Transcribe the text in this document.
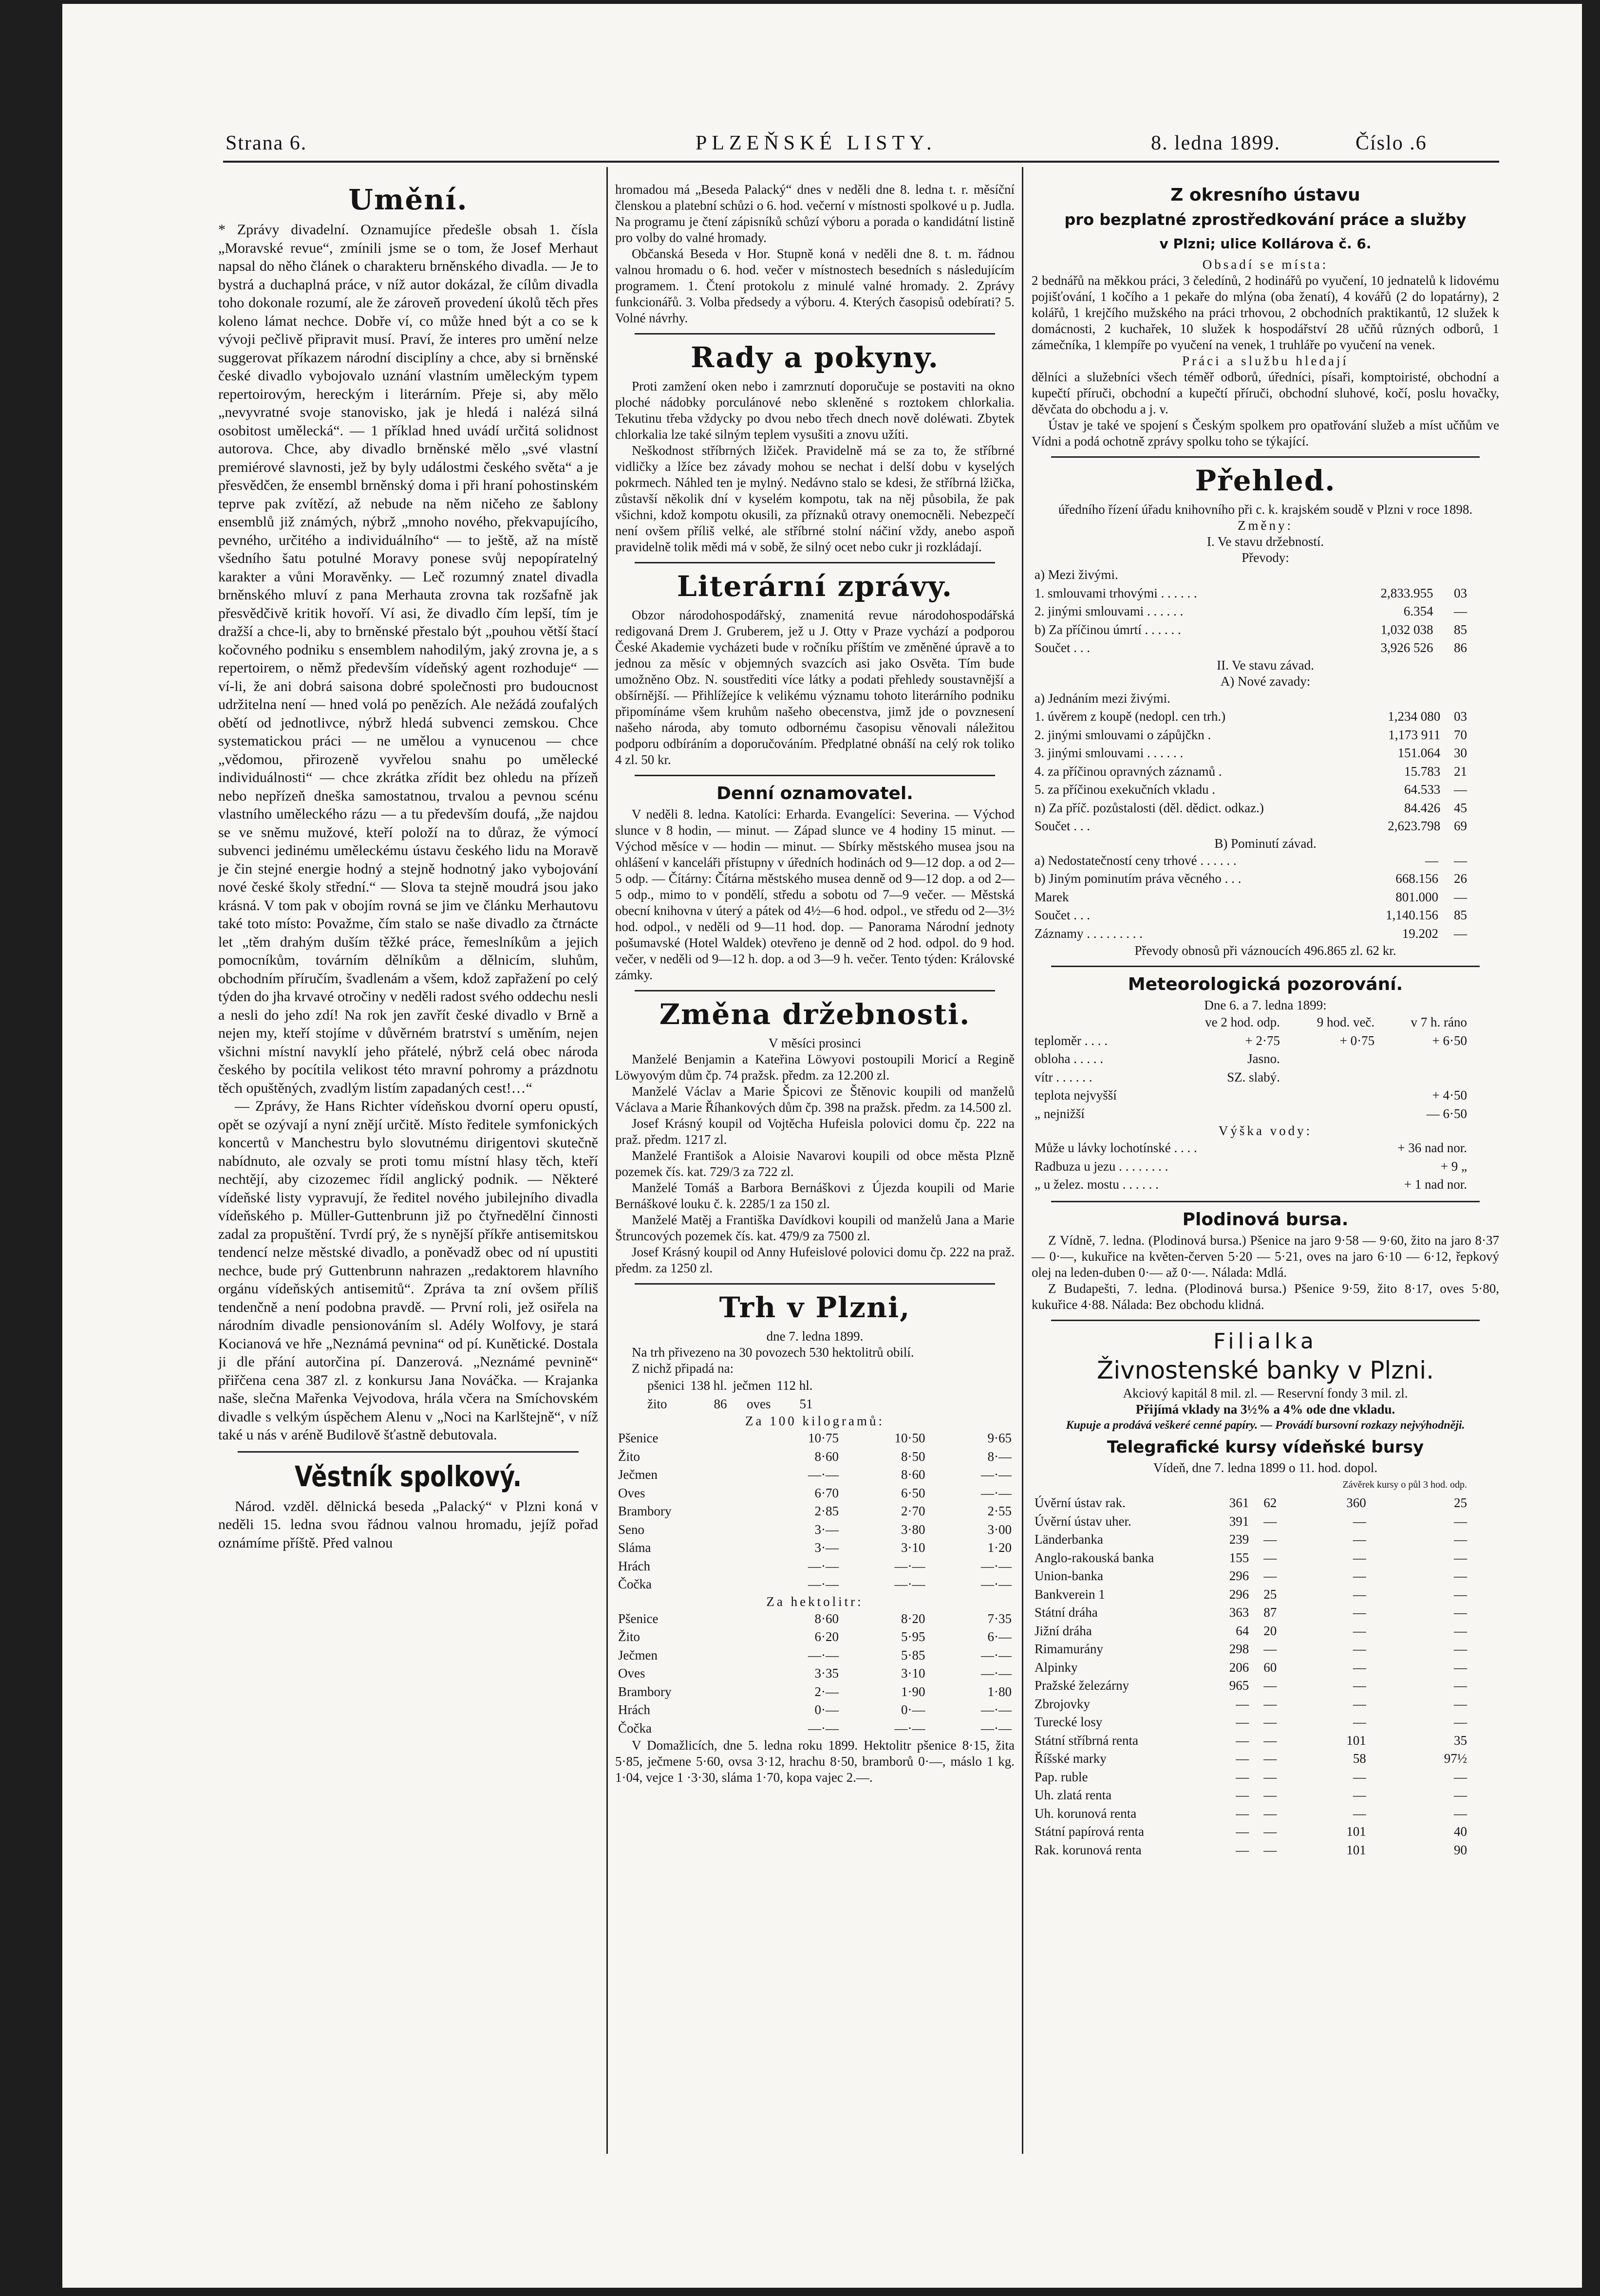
Strana 6.	PLZEŇSKÉ LISTY.	8. ledna 1899.	Číslo .6
Umění.

* Zprávy divadelní. Oznamujíce předešle obsah 1. čísla „Moravské revue“, zmínili jsme se o tom, že Josef Merhaut napsal do něho článek o charakteru brněnského divadla. — Je to bystrá a duchaplná práce, v níž autor dokázal, že cílům divadla toho dokonale rozumí, ale že zároveň provedení úkolů těch přes koleno lámat nechce. Dobře ví, co může hned být a co se k vývoji pečlivě připravit musí. Praví, že interes pro umění nelze suggerovat příkazem národní disciplíny a chce, aby si brněnské české divadlo vybojovalo uznání vlastním uměleckým typem repertoirovým, hereckým i literárním. Přeje si, aby mělo „nevyvratné svoje stanovisko, jak je hledá i nalézá silná osobitost umělecká“. — 1 příklad hned uvádí určitá solidnost autorova. Chce, aby divadlo brněnské mělo „své vlastní premiérové slavnosti, jež by byly událostmi českého světa“ a je přesvědčen, že ensembl brněnský doma i při hraní pohostinském teprve pak zvítězí, až nebude na něm ničeho ze šablony ensemblů již známých, nýbrž „mnoho nového, překvapujícího, pevného, určitého a individuálního“ — to ještě, až na místě všedního šatu potulné Moravy ponese svůj nepopíratelný karakter a vůni Moravěnky. — Leč rozumný znatel divadla brněnského mluví z pana Merhauta zrovna tak rozšafně jak přesvědčivě kritik hovoří. Ví asi, že divadlo čím lepší, tím je dražší a chce-li, aby to brněnské přestalo být „pouhou větší štací kočovného podniku s ensemblem nahodilým, jaký zrovna je, a s repertoirem, o němž především vídeňský agent rozhoduje“ — ví-li, že ani dobrá saisona dobré společnosti pro budoucnost udržitelna není — hned volá po penězích. Ale nežádá zoufalých obětí od jednotlivce, nýbrž hledá subvenci zemskou. Chce systematickou práci — ne umělou a vynucenou — chce „vědomou, přirozeně vyvřelou snahu po umělecké individuálnosti“ — chce zkrátka zřídit bez ohledu na přízeň nebo nepřízeň dneška samostatnou, trvalou a pevnou scénu vlastního uměleckého rázu — a tu především doufá, „že najdou se ve sněmu mužové, kteří položí na to důraz, že výmocí subvenci jedinému uměleckému ústavu českého lidu na Moravě je čin stejné energie hodný a stejně hodnotný jako vybojování nové české školy střední.“ — Slova ta stejně moudrá jsou jako krásná. V tom pak v obojím rovná se jim ve článku Merhautovu také toto místo: Považme, čím stalo se naše divadlo za čtrnácte let „těm drahým duším těžké práce, řemeslníkům a jejich pomocníkům, továrním dělníkům a dělnicím, sluhům, obchodním příručím, švadlenám a všem, kdož zapřažení po celý týden do jha krvavé otročiny v neděli radost svého oddechu nesli a nesli do jeho zdí! Na rok jen zavřít české divadlo v Brně a nejen my, kteří stojíme v důvěrném bratrství s uměním, nejen všichni místní navyklí jeho přátelé, nýbrž celá obec národa českého by pocítila velikost této mravní pohromy a prázdnotu těch opuštěných, zvadlým listím zapadaných cest!…“

— Zprávy, že Hans Richter vídeňskou dvorní operu opustí, opět se ozývají a nyní znějí určitě. Místo ředitele symfonických koncertů v Manchestru bylo slovutnému dirigentovi skutečně nabídnuto, ale ozvaly se proti tomu místní hlasy těch, kteří nechtějí, aby cizozemec řídil anglický podnik. — Některé vídeňské listy vypravují, že ředitel nového jubilejního divadla vídeňského p. Müller-Guttenbrunn již po čtyřnedělní činnosti zadal za propuštění. Tvrdí prý, že s nynější příkře antisemitskou tendencí nelze městské divadlo, a poněvadž obec od ní upustiti nechce, bude prý Guttenbrunn nahrazen „redaktorem hlavního orgánu vídeňských antisemitů“. Zpráva ta zní ovšem příliš tendenčně a není podobna pravdě. — První roli, jež osiřela na národním divadle pensionováním sl. Adély Wolfovy, je stará Kocianová ve hře „Neznámá pevnina“ od pí. Kunětické. Dostala ji dle přání autorčina pí. Danzerová. „Neznámé pevnině“ přiřčena cena 387 zl. z konkursu Jana Nováčka. — Krajanka naše, slečna Mařenka Vejvodova, hrála včera na Smíchovském divadle s velkým úspěchem Alenu v „Noci na Karlštejně“, v níž také u nás v aréně Budilově šťastně debutovala.

Věstník spolkový.

Národ. vzděl. dělnická beseda „Palacký“ v Plzni koná v neděli 15. ledna svou řádnou valnou hromadu, jejíž pořad oznámíme příště. Před valnou

hromadou má „Beseda Palacký“ dnes v neděli dne 8. ledna t. r. měsíční členskou a platební schůzi o 6. hod. večerní v místnosti spolkové u p. Judla. Na programu je čtení zápisníků schůzí výboru a porada o kandidátní listině pro volby do valné hromady.

Občanská Beseda v Hor. Stupně koná v neděli dne 8. t. m. řádnou valnou hromadu o 6. hod. večer v místnostech besedních s následujícím programem. 1. Čtení protokolu z minulé valné hromady. 2. Zprávy funkcionářů. 3. Volba předsedy a výboru. 4. Kterých časopisů odebírati? 5. Volné návrhy.

Rady a pokyny.

Proti zamžení oken nebo i zamrznutí doporučuje se postaviti na okno ploché nádobky porculánové nebo skleněné s roztokem chlorkalia. Tekutinu třeba vždycky po dvou nebo třech dnech nově doléwati. Zbytek chlorkalia lze také silným teplem vysušiti a znovu užíti.

Neškodnost stříbrných lžiček. Pravidelně má se za to, že stříbrné vidličky a lžíce bez závady mohou se nechat i delší dobu v kyselých pokrmech. Náhled ten je mylný. Nedávno stalo se kdesi, že stříbrná lžička, zůstavší několik dní v kyselém kompotu, tak na něj působila, že pak všichni, kdož kompotu okusili, za příznaků otravy onemocněli. Nebezpečí není ovšem příliš velké, ale stříbrné stolní náčiní vždy, anebo aspoň pravidelně tolik mědi má v sobě, že silný ocet nebo cukr ji rozkládají.

Literární zprávy.

Obzor národohospodářský, znamenitá revue národohospodářská redigovaná Drem J. Gruberem, jež u J. Otty v Praze vychází a podporou České Akademie vycházeti bude v ročníku příštím ve změněné úpravě a to jednou za měsíc v objemných svazcích asi jako Osvěta. Tím bude umožněno Obz. N. soustřediti více látky a podati přehledy soustavnější a obšírnější. — Přihlížejíce k velikému významu tohoto literárního podniku připomínáme všem kruhům našeho obecenstva, jimž jde o povznesení našeho národa, aby tomuto odbornému časopisu věnovali náležitou podporu odbíráním a doporučováním. Předplatné obnáší na celý rok toliko 4 zl. 50 kr.

Denní oznamovatel.

V neděli 8. ledna. Katolíci: Erharda. Evangelíci: Severina. — Východ slunce v 8 hodin, — minut. — Západ slunce ve 4 hodiny 15 minut. — Východ měsíce v — hodin — minut. — Sbírky městského musea jsou na ohlášení v kanceláři přístupny v úředních hodinách od 9—12 dop. a od 2—5 odp. — Čítárny: Čítárna městského musea denně od 9—12 dop. a od 2—5 odp., mimo to v pondělí, středu a sobotu od 7—9 večer. — Městská obecní knihovna v úterý a pátek od 4½—6 hod. odpol., ve středu od 2—3½ hod. odpol., v neděli od 9—11 hod. dop. — Panorama Národní jednoty pošumavské (Hotel Waldek) otevřeno je denně od 2 hod. odpol. do 9 hod. večer, v neděli od 9—12 h. dop. a od 3—9 h. večer. Tento týden: Královské zámky.

Změna držebnosti.

V měsíci prosinci

Manželé Benjamin a Kateřina Löwyovi postoupili Moricí a Regině Löwyovým dům čp. 74 pražsk. předm. za 12.200 zl.

Manželé Václav a Marie Špicovi ze Štěnovic koupili od manželů Václava a Marie Říhankových dům čp. 398 na pražsk. předm. za 14.500 zl.

Josef Krásný koupil od Vojtěcha Hufeisla polovici domu čp. 222 na praž. předm. 1217 zl.

Manželé Františok a Aloisie Navarovi koupili od obce města Plzně pozemek čís. kat. 729/3 za 722 zl.

Manželé Tomáš a Barbora Bernáškovi z Újezda koupili od Marie Bernáškové louku č. k. 2285/1 za 150 zl.

Manželé Matěj a Františka Davídkovi koupili od manželů Jana a Marie Štruncových pozemek čís. kat. 479/9 za 7500 zl.

Josef Krásný koupil od Anny Hufeislové polovici domu čp. 222 na praž. předm. za 1250 zl.

Trh v Plzni,

dne 7. ledna 1899.

Na trh přivezeno na 30 povozech 530 hektolitrů obilí.

Z nichž připadá na:

pšenici	138 hl.	ječmen	112 hl.
žito	86	oves	51

Za 100 kilogramů:

Pšenice	10·75	10·50	9·65
Žito	8·60	8·50	8·—
Ječmen	—·—	8·60	—·—
Oves	6·70	6·50	—·—
Brambory	2·85	2·70	2·55
Seno	3·—	3·80	3·00
Sláma	3·—	3·10	1·20
Hrách	—·—	—·—	—·—
Čočka	—·—	—·—	—·—

Za hektolitr:

Pšenice	8·60	8·20	7·35
Žito	6·20	5·95	6·—
Ječmen	—·—	5·85	—·—
Oves	3·35	3·10	—·—
Brambory	2·—	1·90	1·80
Hrách	0·—	0·—	—·—
Čočka	—·—	—·—	—·—

V Domažlicích, dne 5. ledna roku 1899. Hektolitr pšenice 8·15, žita 5·85, ječmene 5·60, ovsa 3·12, hrachu 8·50, bramborů 0·—, máslo 1 kg. 1·04, vejce 1 ·3·30, sláma 1·70, kopa vajec 2.—.

Z okresního ústavu
pro bezplatné zprostředkování práce a služby
v Plzni; ulice Kollárova č. 6.

Obsadí se místa:

2 bednářů na měkkou práci, 3 čeledínů, 2 hodinářů po vyučení, 10 jednatelů k lidovému pojišťování, 1 kočího a 1 pekaře do mlýna (oba ženatí), 4 kovářů (2 do lopatárny), 2 kolářů, 1 krejčího mužského na práci trhovou, 2 obchodních praktikantů, 12 služek k domácnosti, 2 kuchařek, 10 služek k hospodářství 28 učňů různých odborů, 1 zámečníka, 1 klempíře po vyučení na venek, 1 truhláře po vyučení na venek.

Práci a službu hledají

dělníci a služebníci všech téměř odborů, úředníci, písaři, komptoiristé, obchodní a kupečtí příruči, obchodní a kupečtí příruči, obchodní sluhové, kočí, poslu hovačky, děvčata do obchodu a j. v.

Ústav je také ve spojení s Českým spolkem pro opatřování služeb a míst učňům ve Vídni a podá ochotně zprávy spolku toho se týkající.

Přehled.

úředního řízení úřadu knihovního při c. k. krajském soudě v Plzni v roce 1898.

Změny:

I. Ve stavu držebností.

Převody:

a) Mezi živými.		
1. smlouvami trhovými . . . . . .	2,833.955	03
2. jinými smlouvami . . . . . .	6.354	—
b) Za příčinou úmrtí . . . . . .	1,032 038	85
Součet . . .	3,926 526	86

II. Ve stavu závad.

A) Nové zavady:

a) Jednáním mezi živými.		
1. úvěrem z koupě (nedopl. cen trh.)	1,234 080	03
2. jinými smlouvami o zápůjčkn .	1,173 911	70
3. jinými smlouvami . . . . . .	151.064	30
4. za příčinou opravných záznamů .	15.783	21
5. za příčinou exekučních vkladu .	64.533	—
n) Za příč. pozůstalosti (děl. dědict. odkaz.)	84.426	45
Součet . . .	2,623.798	69

B) Pominutí závad.

a) Nedostatečností ceny trhové . . . . . .	—	—
b) Jiným pominutím práva věcného . . .	668.156	26
Marek	801.000	—
Součet . . .	1,140.156	85
Záznamy . . . . . . . . .	19.202	—

Převody obnosů při váznoucích 496.865 zl. 62 kr.

Meteorologická pozorování.

Dne 6. a 7. ledna 1899:

	ve 2 hod. odp.	9 hod. več.	v 7 h. ráno
teploměr . . . .	+ 2·75	+ 0·75	+ 6·50
obloha . . . . .	Jasno.		
vítr . . . . . .	SZ. slabý.		
teplota nejvyšší			+ 4·50
„ nejnižší			— 6·50

Výška vody:

Může u lávky lochotínské . . . .	+ 36 nad nor.
Radbuza u jezu . . . . . . . .	+ 9 „
„ u želez. mostu . . . . . .	+ 1 nad nor.
Plodinová bursa.

Z Vídně, 7. ledna. (Plodinová bursa.) Pšenice na jaro 9·58 — 9·60, žito na jaro 8·37 — 0·—, kukuřice na květen-červen 5·20 — 5·21, oves na jaro 6·10 — 6·12, řepkový olej na leden-duben 0·— až 0·—. Nálada: Mdlá.

Z Budapešti, 7. ledna. (Plodinová bursa.) Pšenice 9·59, žito 8·17, oves 5·80, kukuřice 4·88. Nálada: Bez obchodu klidná.

Filialka
Živnostenské banky v Plzni.

Akciový kapitál 8 mil. zl. — Reservní fondy 3 mil. zl.

Přijímá vklady na 3½% a 4% ode dne vkladu.

Kupuje a prodává veškeré cenné papíry. — Provádí bursovní rozkazy nejvýhodněji.

Telegrafické kursy vídeňské bursy

Vídeň, dne 7. ledna 1899 o 11. hod. dopol.

			Závěrek kursy o půl 3 hod. odp.	
Úvěrní ústav rak.	361	62	360	25
Úvěrní ústav uher.	391	—	—	—
Länderbanka	239	—	—	—
Anglo-rakouská banka	155	—	—	—
Union-banka	296	—	—	—
Bankverein 1	296	25	—	—
Státní dráha	363	87	—	—
Jižní dráha	64	20	—	—
Rimamurány	298	—	—	—
Alpinky	206	60	—	—
Pražské železárny	965	—	—	—
Zbrojovky	—	—	—	—
Turecké losy	—	—	—	—
Státní stříbrná renta	—	—	101	35
Říšské marky	—	—	58	97½
Pap. ruble	—	—	—	—
Uh. zlatá renta	—	—	—	—
Uh. korunová renta	—	—	—	—
Státní papírová renta	—	—	101	40
Rak. korunová renta	—	—	101	90
